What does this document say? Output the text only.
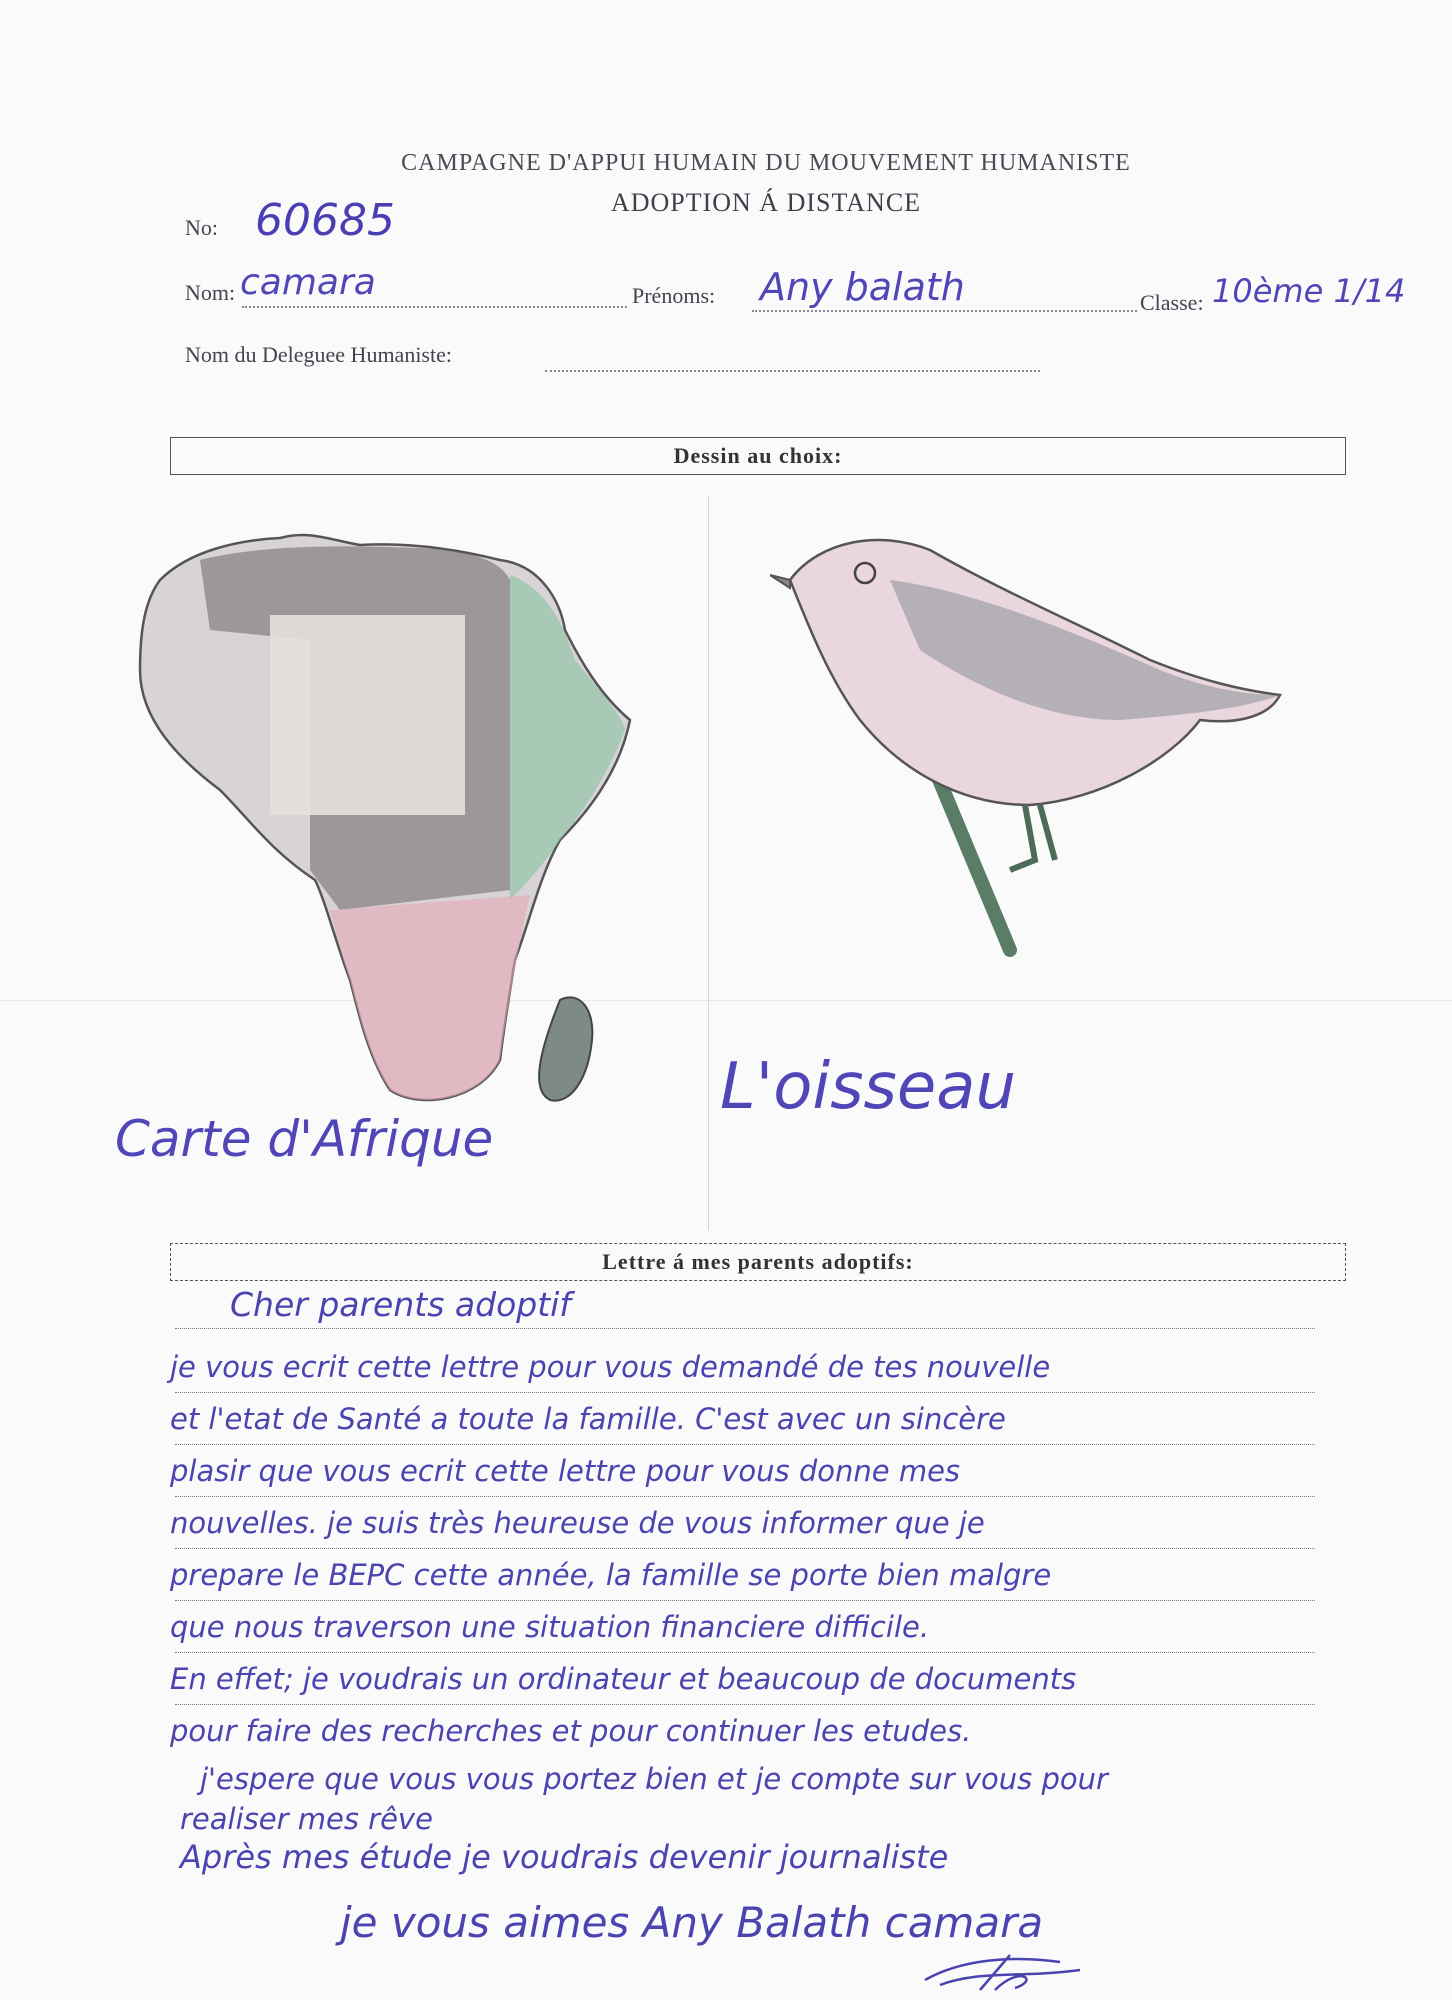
CAMPAGNE D'APPUI HUMAIN DU MOUVEMENT HUMANISTE
ADOPTION Á DISTANCE
No: 60685
Nom: camara	Prénoms: Any balath	Classe: 10ème 1/14
Nom du Deleguee Humaniste:
Dessin au choix:
Carte d'Afrique
L'oisseau
Lettre á mes parents adoptifs:
Cher parents adoptif
je vous ecrit cette lettre pour vous demandé de tes nouvelle
et l'etat de Santé a toute la famille. C'est avec un sincère
plasir que vous ecrit cette lettre pour vous donne mes
nouvelles. je suis très heureuse de vous informer que je
prepare le BEPC cette année, la famille se porte bien malgre
que nous traverson une situation financiere difficile.
En effet; je voudrais un ordinateur et beaucoup de documents
pour faire des recherches et pour continuer les etudes.
j'espere que vous vous portez bien et je compte sur vous pour
realiser mes rêve
Après mes étude je voudrais devenir journaliste
je vous aimes Any Balath camara
